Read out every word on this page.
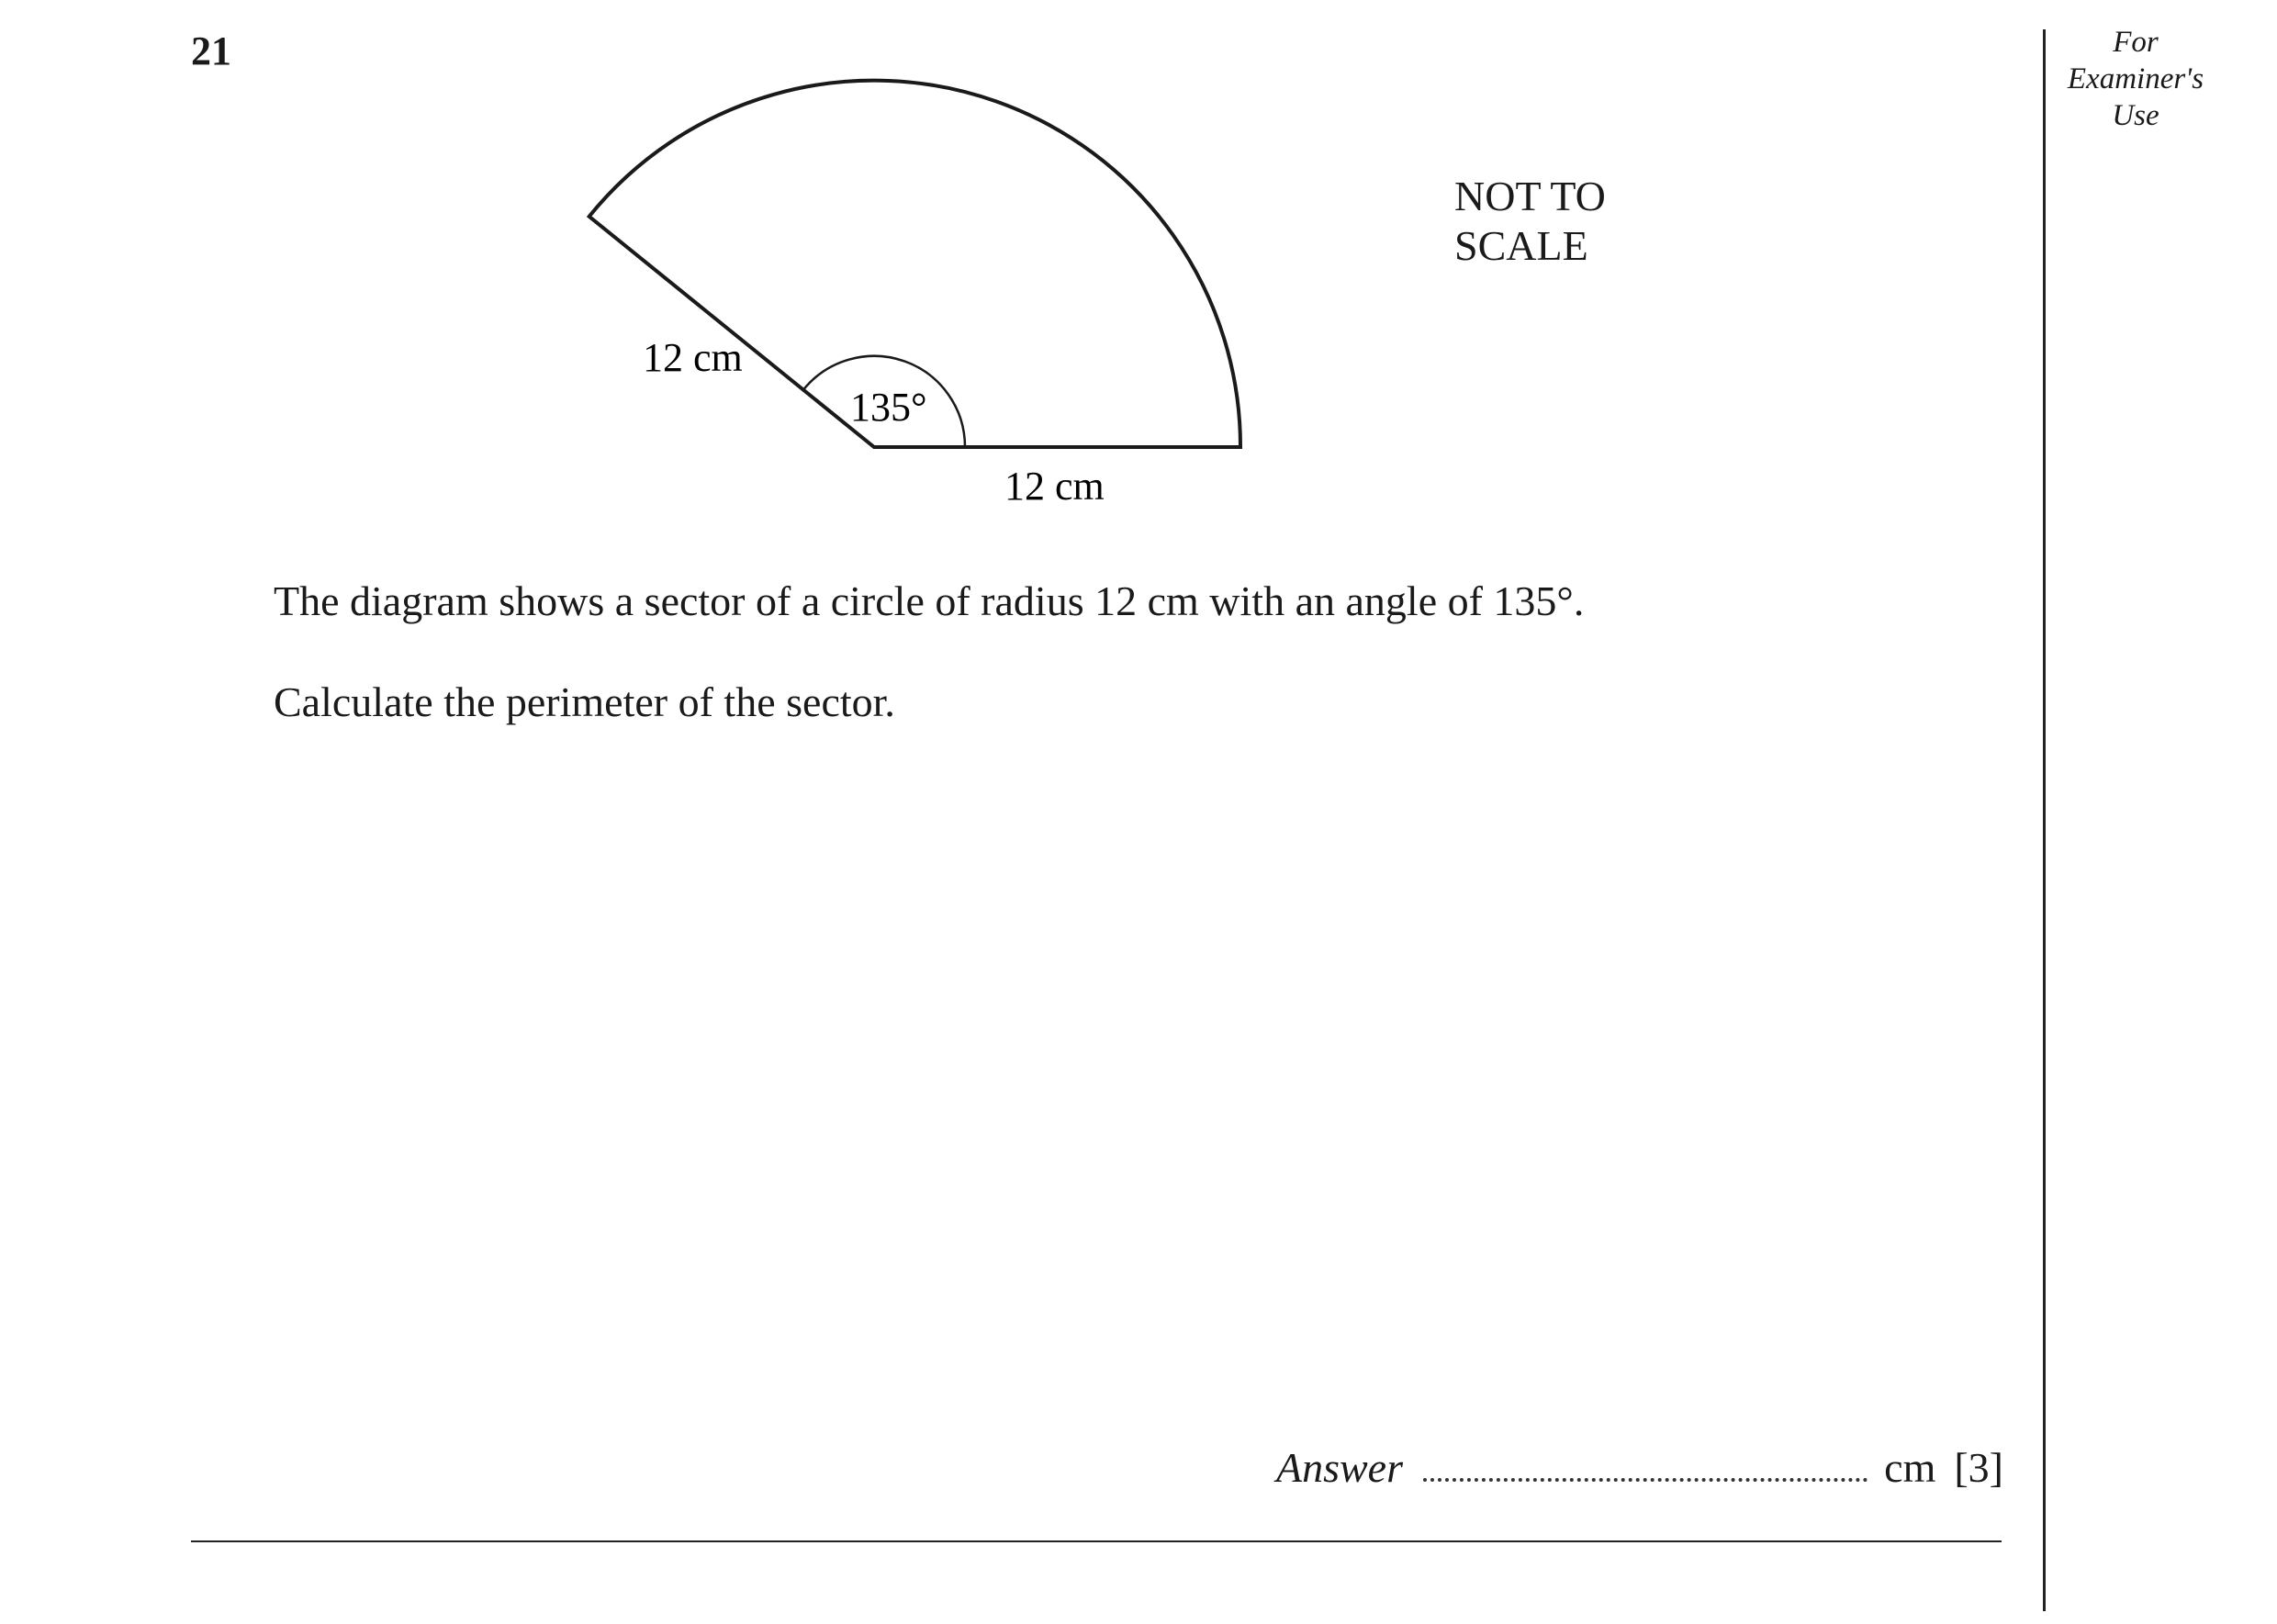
21	For
Examiner's
Use
12 cm
135°
12 cm
NOT TO
SCALE
The diagram shows a sector of a circle of radius 12 cm with an angle of 135°.
Calculate the perimeter of the sector.
Answer	cm [3]
